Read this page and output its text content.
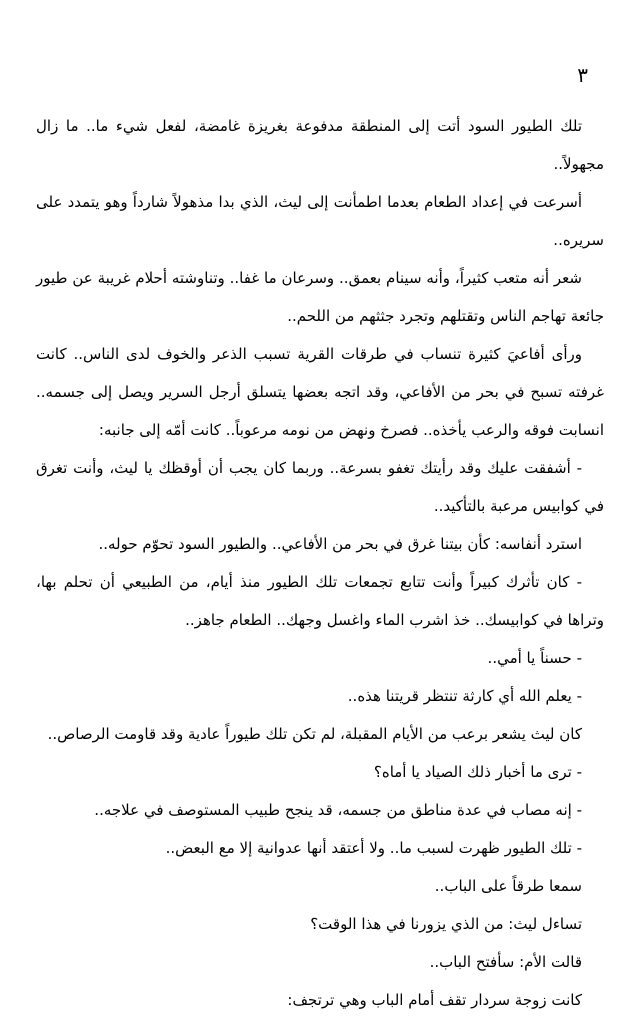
٣

تلك الطيور السود أتت إلى المنطقة مدفوعة بغريزة غامضة، لفعل شيء ما.. ما زال مجهولاً..

أسرعت في إعداد الطعام بعدما اطمأنت إلى ليث، الذي بدا مذهولاً شارداً وهو يتمدد على سريره..

شعر أنه متعب كثيراً، وأنه سينام بعمق.. وسرعان ما غفا.. وتناوشته أحلام غريبة عن طيور جائعة تهاجم الناس وتقتلهم وتجرد جثثهم من اللحم..

ورأى أفاعيَ كثيرة تنساب في طرقات القرية تسبب الذعر والخوف لدى الناس.. كانت غرفته تسبح في بحر من الأفاعي، وقد اتجه بعضها يتسلق أرجل السرير ويصل إلى جسمه.. انسابت فوقه والرعب يأخذه.. فصرخ ونهض من نومه مرعوباً.. كانت أمّه إلى جانبه:

- أشفقت عليك وقد رأيتك تغفو بسرعة.. وربما كان يجب أن أوقظك يا ليث، وأنت تغرق في كوابيس مرعبة بالتأكيد..

استرد أنفاسه: كأن بيتنا غرق في بحر من الأفاعي.. والطيور السود تحوّم حوله..

- كان تأثرك كبيراً وأنت تتابع تجمعات تلك الطيور منذ أيام، من الطبيعي أن تحلم بها، وتراها في كوابيسك.. خذ اشرب الماء واغسل وجهك.. الطعام جاهز..

- حسناً يا أمي..

- يعلم الله أي كارثة تنتظر قريتنا هذه..

كان ليث يشعر برعب من الأيام المقبلة، لم تكن تلك طيوراً عادية وقد قاومت الرصاص..

- ترى ما أخبار ذلك الصياد يا أماه؟

- إنه مصاب في عدة مناطق من جسمه، قد ينجح طبيب المستوصف في علاجه..

- تلك الطيور ظهرت لسبب ما.. ولا أعتقد أنها عدوانية إلا مع البعض..

سمعا طرقاً على الباب..

تساءل ليث: من الذي يزورنا في هذا الوقت؟

قالت الأم: سأفتح الباب..

كانت زوجة سردار تقف أمام الباب وهي ترتجف:
